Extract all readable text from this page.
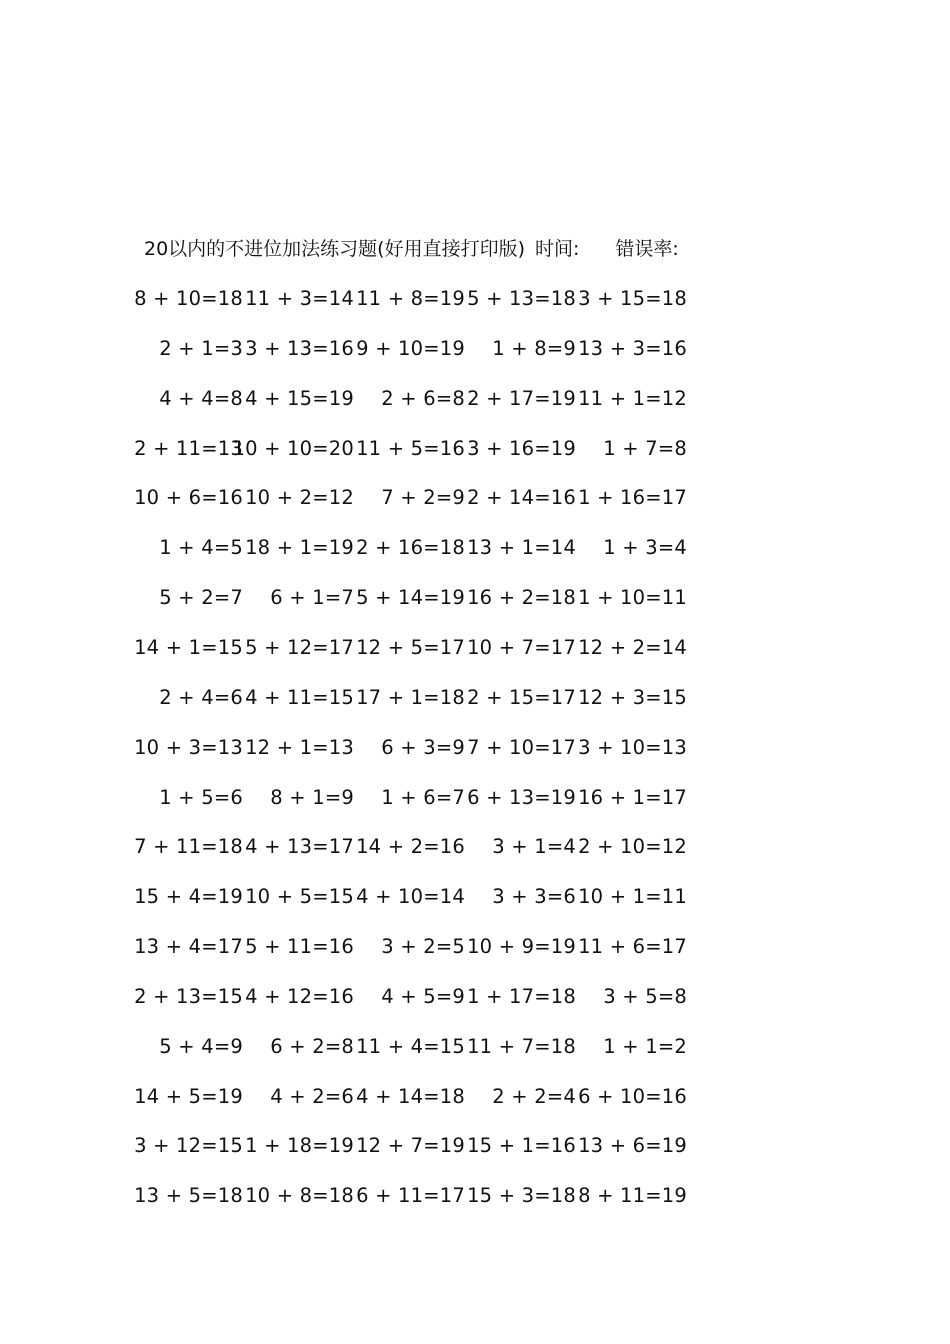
20以内的不进位加法练习题(好用直接打印版) 时间: 错误率:
8 + 10=18 11 + 3=14 11 + 8=19 5 + 13=18 3 + 15=18
2 + 1=3 3 + 13=16 9 + 10=19 1 + 8=9 13 + 3=16
4 + 4=8 4 + 15=19 2 + 6=8 2 + 17=19 11 + 1=12
2 + 11=13
10 + 10=20 11 + 5=16 3 + 16=19 1 + 7=8
10 + 6=16 10 + 2=12 7 + 2=9 2 + 14=16 1 + 16=17
1 + 4=5 18 + 1=19 2 + 16=18 13 + 1=14 1 + 3=4
5 + 2=7 6 + 1=7 5 + 14=19 16 + 2=18 1 + 10=11
14 + 1=15 5 + 12=17 12 + 5=17 10 + 7=17 12 + 2=14
2 + 4=6 4 + 11=15 17 + 1=18 2 + 15=17 12 + 3=15
10 + 3=13 12 + 1=13 6 + 3=9 7 + 10=17 3 + 10=13
1 + 5=6 8 + 1=9 1 + 6=7 6 + 13=19 16 + 1=17
7 + 11=18 4 + 13=17 14 + 2=16 3 + 1=4 2 + 10=12
15 + 4=19 10 + 5=15 4 + 10=14 3 + 3=6 10 + 1=11
13 + 4=17 5 + 11=16 3 + 2=5 10 + 9=19 11 + 6=17
2 + 13=15 4 + 12=16 4 + 5=9 1 + 17=18 3 + 5=8
5 + 4=9 6 + 2=8 11 + 4=15 11 + 7=18 1 + 1=2
14 + 5=19 4 + 2=6 4 + 14=18 2 + 2=4 6 + 10=16
3 + 12=15 1 + 18=19 12 + 7=19 15 + 1=16 13 + 6=19
13 + 5=18 10 + 8=18 6 + 11=17 15 + 3=18 8 + 11=19
